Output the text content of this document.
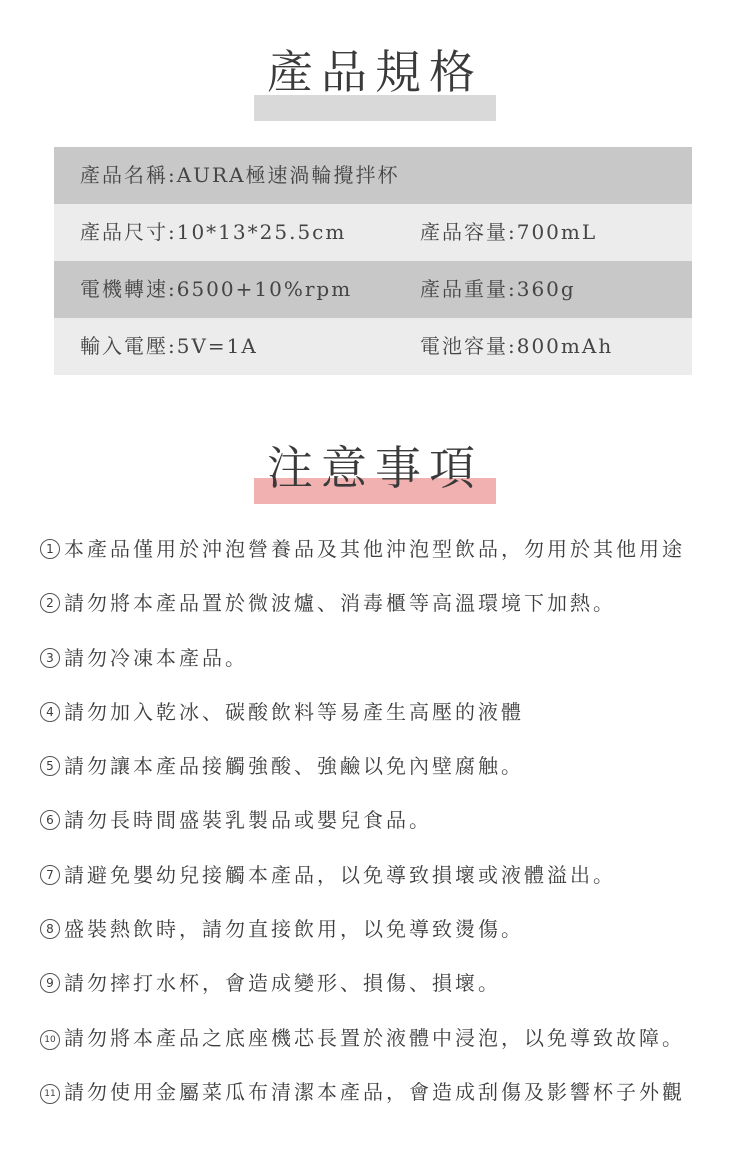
產品規格
產品名稱:AURA極速渦輪攪拌杯
產品尺寸:10*13*25.5cm	產品容量:700mL
電機轉速:6500+10%rpm	產品重量:360g
輸入電壓:5V=1A	電池容量:800mAh
注意事項
1 本產品僅用於沖泡營養品及其他沖泡型飲品，勿用於其他用途
2 請勿將本產品置於微波爐、消毒櫃等高溫環境下加熱。
3 請勿冷凍本產品。
4 請勿加入乾冰、碳酸飲料等易產生高壓的液體
5 請勿讓本產品接觸強酸、強鹼以免內壁腐触。
6 請勿長時間盛裝乳製品或嬰兒食品。
7 請避免嬰幼兒接觸本產品，以免導致損壞或液體溢出。
8 盛裝熱飲時，請勿直接飲用，以免導致燙傷。
9 請勿摔打水杯，會造成變形、損傷、損壞。
10 請勿將本產品之底座機芯長置於液體中浸泡，以免導致故障。
11 請勿使用金屬菜瓜布清潔本產品，會造成刮傷及影響杯子外觀
